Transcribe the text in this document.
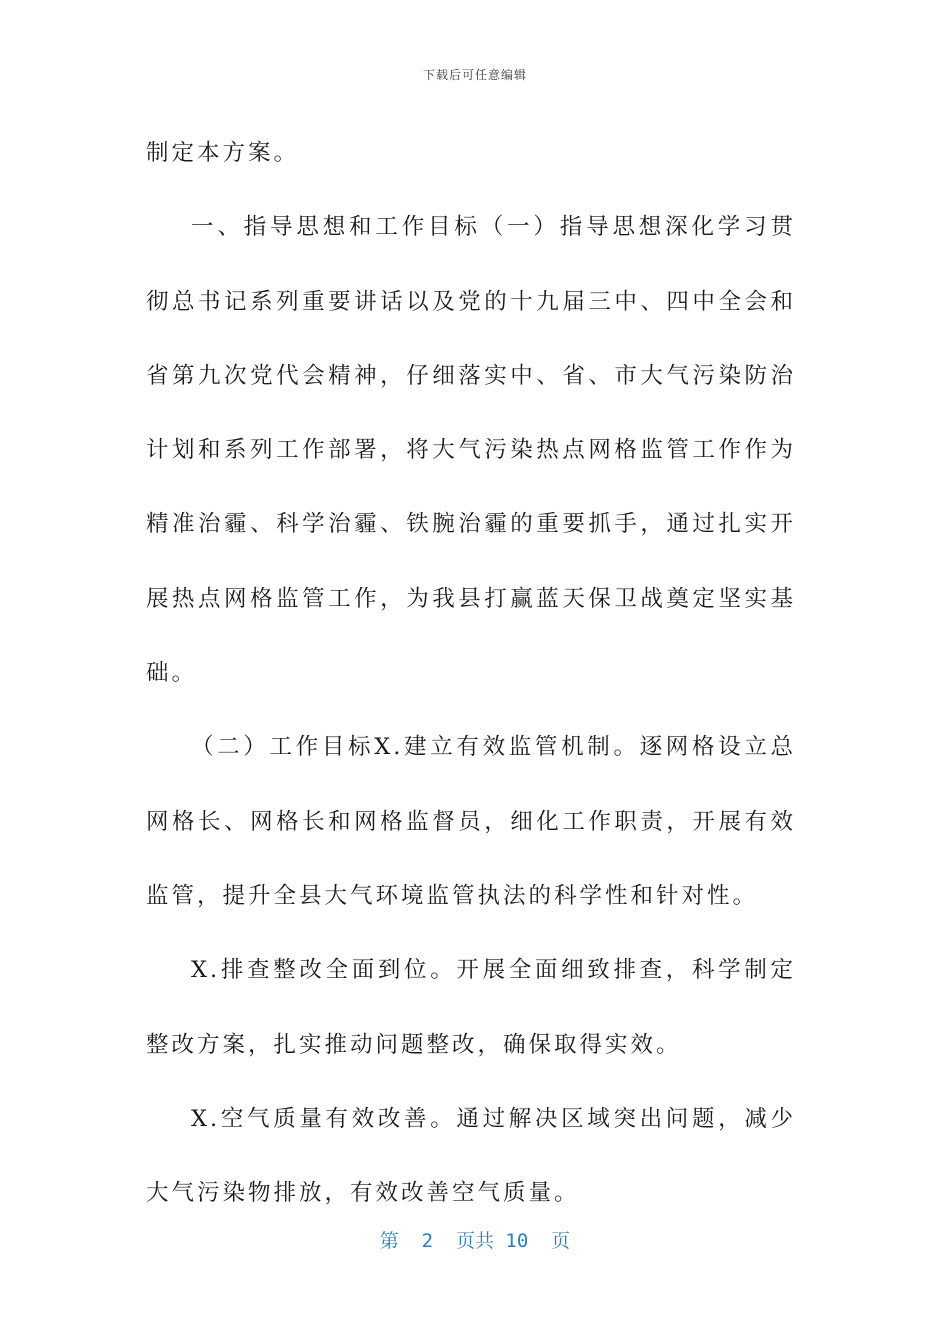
下载后可任意编辑

制定本方案。

一、指导思想和工作目标（一）指导思想深化学习贯彻总书记系列重要讲话以及党的十九届三中、四中全会和省第九次党代会精神，仔细落实中、省、市大气污染防治计划和系列工作部署，将大气污染热点网格监管工作作为精准治霾、科学治霾、铁腕治霾的重要抓手，通过扎实开展热点网格监管工作，为我县打赢蓝天保卫战奠定坚实基础。

（二）工作目标X.建立有效监管机制。逐网格设立总网格长、网格长和网格监督员，细化工作职责，开展有效监管，提升全县大气环境监管执法的科学性和针对性。

X.排查整改全面到位。开展全面细致排查，科学制定整改方案，扎实推动问题整改，确保取得实效。

X.空气质量有效改善。通过解决区域突出问题，减少大气污染物排放，有效改善空气质量。

第  2  页共 10  页
